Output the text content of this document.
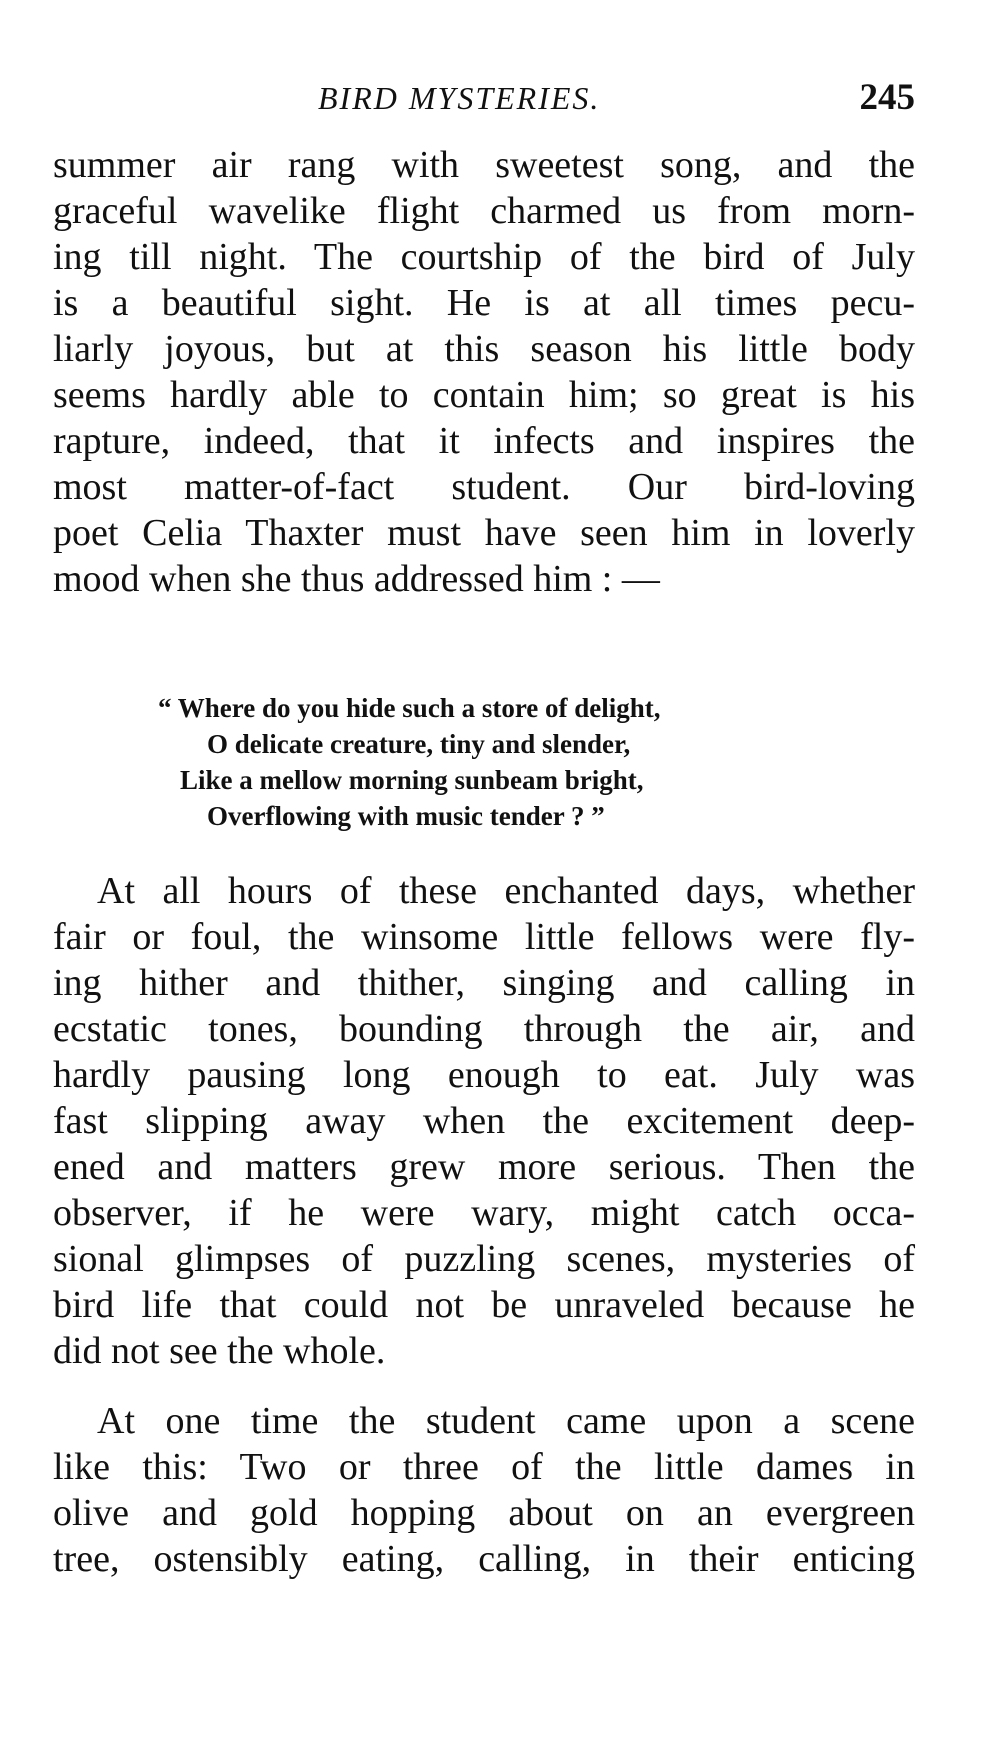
BIRD MYSTERIES.	245
summer air rang with sweetest song, and the
graceful wavelike flight charmed us from morn-
ing till night. The courtship of the bird of July
is a beautiful sight. He is at all times pecu-
liarly joyous, but at this season his little body
seems hardly able to contain him; so great is his
rapture, indeed, that it infects and inspires the
most matter-of-fact student. Our bird-loving
poet Celia Thaxter must have seen him in loverly
mood when she thus addressed him : —
“ Where do you hide such a store of delight,
O delicate creature, tiny and slender,
Like a mellow morning sunbeam bright,
Overflowing with music tender ? ”
At all hours of these enchanted days, whether
fair or foul, the winsome little fellows were fly-
ing hither and thither, singing and calling in
ecstatic tones, bounding through the air, and
hardly pausing long enough to eat. July was
fast slipping away when the excitement deep-
ened and matters grew more serious. Then the
observer, if he were wary, might catch occa-
sional glimpses of puzzling scenes, mysteries of
bird life that could not be unraveled because he
did not see the whole.
At one time the student came upon a scene
like this: Two or three of the little dames in
olive and gold hopping about on an evergreen
tree, ostensibly eating, calling, in their enticing
